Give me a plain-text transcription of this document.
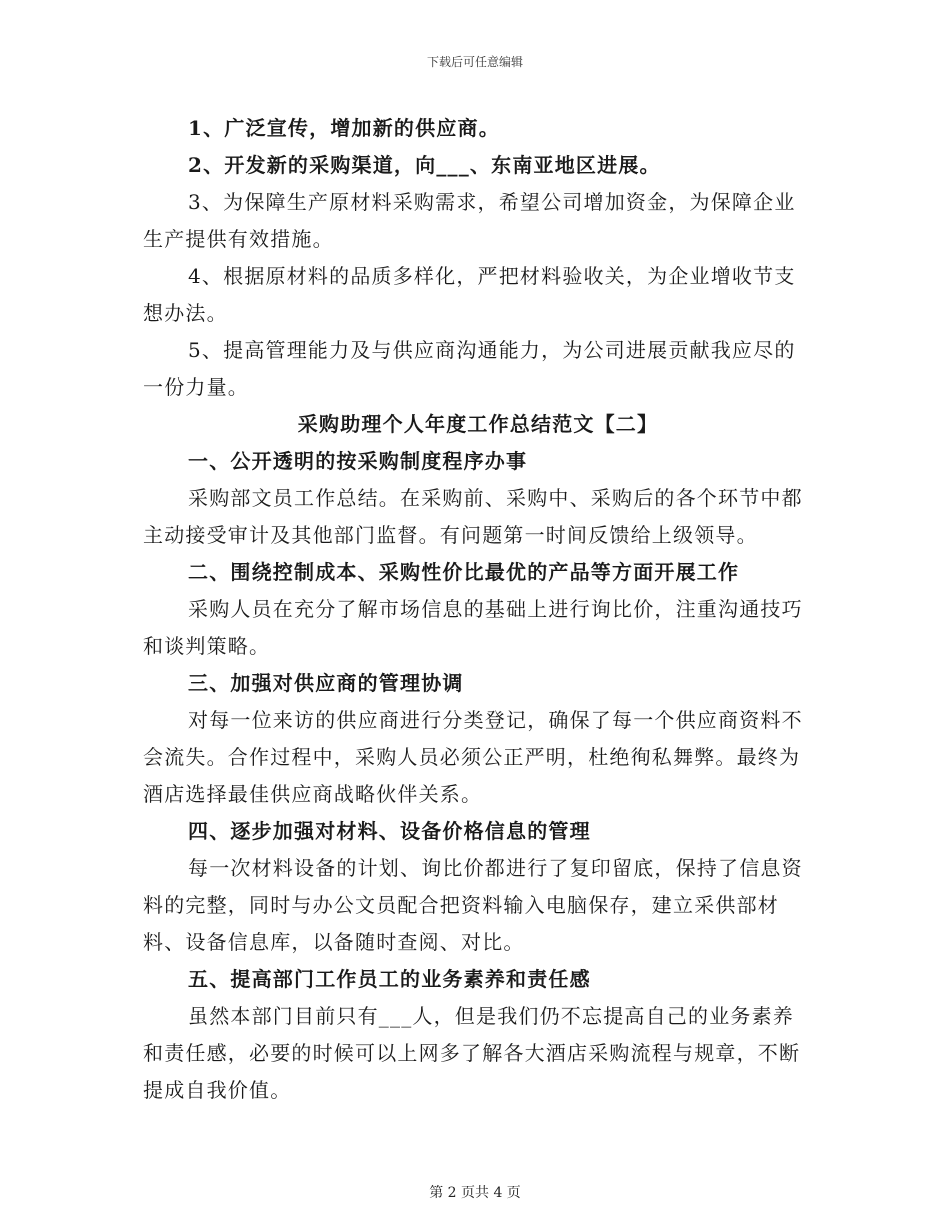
下载后可任意编辑

1、广泛宣传，增加新的供应商。

2、开发新的采购渠道，向___、东南亚地区进展。

3、为保障生产原材料采购需求，希望公司增加资金，为保障企业生产提供有效措施。

4、根据原材料的品质多样化，严把材料验收关，为企业增收节支想办法。

5、提高管理能力及与供应商沟通能力，为公司进展贡献我应尽的一份力量。

采购助理个人年度工作总结范文【二】

一、公开透明的按采购制度程序办事

采购部文员工作总结。在采购前、采购中、采购后的各个环节中都主动接受审计及其他部门监督。有问题第一时间反馈给上级领导。

二、围绕控制成本、采购性价比最优的产品等方面开展工作

采购人员在充分了解市场信息的基础上进行询比价，注重沟通技巧和谈判策略。

三、加强对供应商的管理协调

对每一位来访的供应商进行分类登记，确保了每一个供应商资料不会流失。合作过程中，采购人员必须公正严明，杜绝徇私舞弊。最终为酒店选择最佳供应商战略伙伴关系。

四、逐步加强对材料、设备价格信息的管理

每一次材料设备的计划、询比价都进行了复印留底，保持了信息资料的完整，同时与办公文员配合把资料输入电脑保存，建立采供部材料、设备信息库，以备随时查阅、对比。

五、提高部门工作员工的业务素养和责任感

虽然本部门目前只有___人，但是我们仍不忘提高自己的业务素养和责任感，必要的时候可以上网多了解各大酒店采购流程与规章，不断提成自我价值。

第 2 页共 4 页
